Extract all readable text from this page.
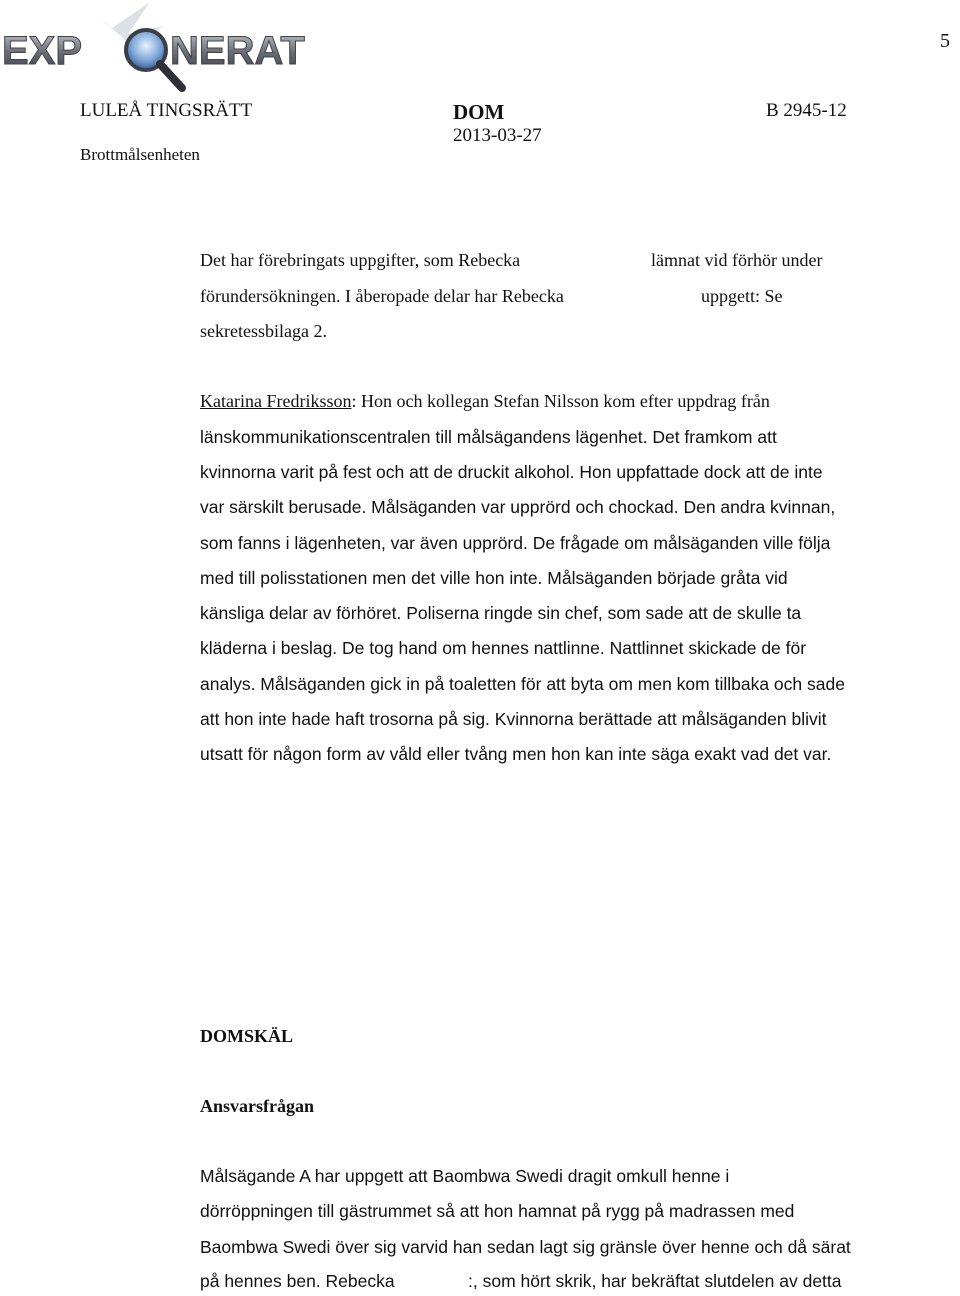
EXP NERAT	5
LULEÅ TINGSRÄTT	DOM	B 2945-12
2013-03-27
Brottmålsenheten
Det har förebringats uppgifter, som Rebecka	lämnat vid förhör under
förundersökningen. I åberopade delar har Rebecka	uppgett: Se
sekretessbilaga 2.
Katarina Fredriksson: Hon och kollegan Stefan Nilsson kom efter uppdrag från
länskommunikationscentralen till målsägandens lägenhet. Det framkom att
kvinnorna varit på fest och att de druckit alkohol. Hon uppfattade dock att de inte
var särskilt berusade. Målsäganden var upprörd och chockad. Den andra kvinnan,
som fanns i lägenheten, var även upprörd. De frågade om målsäganden ville följa
med till polisstationen men det ville hon inte. Målsäganden började gråta vid
känsliga delar av förhöret. Poliserna ringde sin chef, som sade att de skulle ta
kläderna i beslag. De tog hand om hennes nattlinne. Nattlinnet skickade de för
analys. Målsäganden gick in på toaletten för att byta om men kom tillbaka och sade
att hon inte hade haft trosorna på sig. Kvinnorna berättade att målsäganden blivit
utsatt för någon form av våld eller tvång men hon kan inte säga exakt vad det var.
DOMSKÄL
Ansvarsfrågan
Målsägande A har uppgett att Baombwa Swedi dragit omkull henne i
dörröppningen till gästrummet så att hon hamnat på rygg på madrassen med
Baombwa Swedi över sig varvid han sedan lagt sig gränsle över henne och då särat
på hennes ben. Rebecka	:, som hört skrik, har bekräftat slutdelen av detta
